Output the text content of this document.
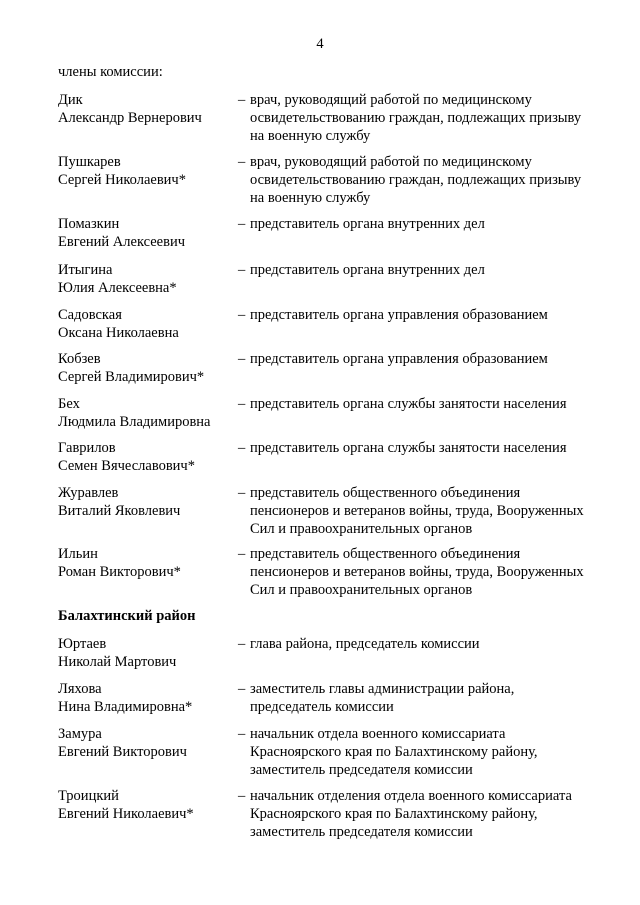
4
члены комиссии:
Дик
Александр Вернерович
– врач, руководящий работой по медицинскому освидетельствованию граждан, подлежащих призыву на военную службу
Пушкарев
Сергей Николаевич*
– врач, руководящий работой по медицинскому освидетельствованию граждан, подлежащих призыву на военную службу
Помазкин
Евгений Алексеевич
– представитель органа внутренних дел
Итыгина
Юлия Алексеевна*
– представитель органа внутренних дел
Садовская
Оксана Николаевна
– представитель органа управления образованием
Кобзев
Сергей Владимирович*
– представитель органа управления образованием
Бех
Людмила Владимировна
– представитель органа службы занятости населения
Гаврилов
Семен Вячеславович*
– представитель органа службы занятости населения
Журавлев
Виталий Яковлевич
– представитель общественного объединения пенсионеров и ветеранов войны, труда, Вооруженных Сил и правоохранительных органов
Ильин
Роман Викторович*
– представитель общественного объединения пенсионеров и ветеранов войны, труда, Вооруженных Сил и правоохранительных органов
Балахтинский район
Юртаев
Николай Мартович
– глава района, председатель комиссии
Ляхова
Нина Владимировна*
– заместитель главы администрации района, председатель комиссии
Замура
Евгений Викторович
– начальник отдела военного комиссариата Красноярского края по Балахтинскому району, заместитель председателя комиссии
Троицкий
Евгений Николаевич*
– начальник отделения отдела военного комиссариата Красноярского края по Балахтинскому району, заместитель председателя комиссии
